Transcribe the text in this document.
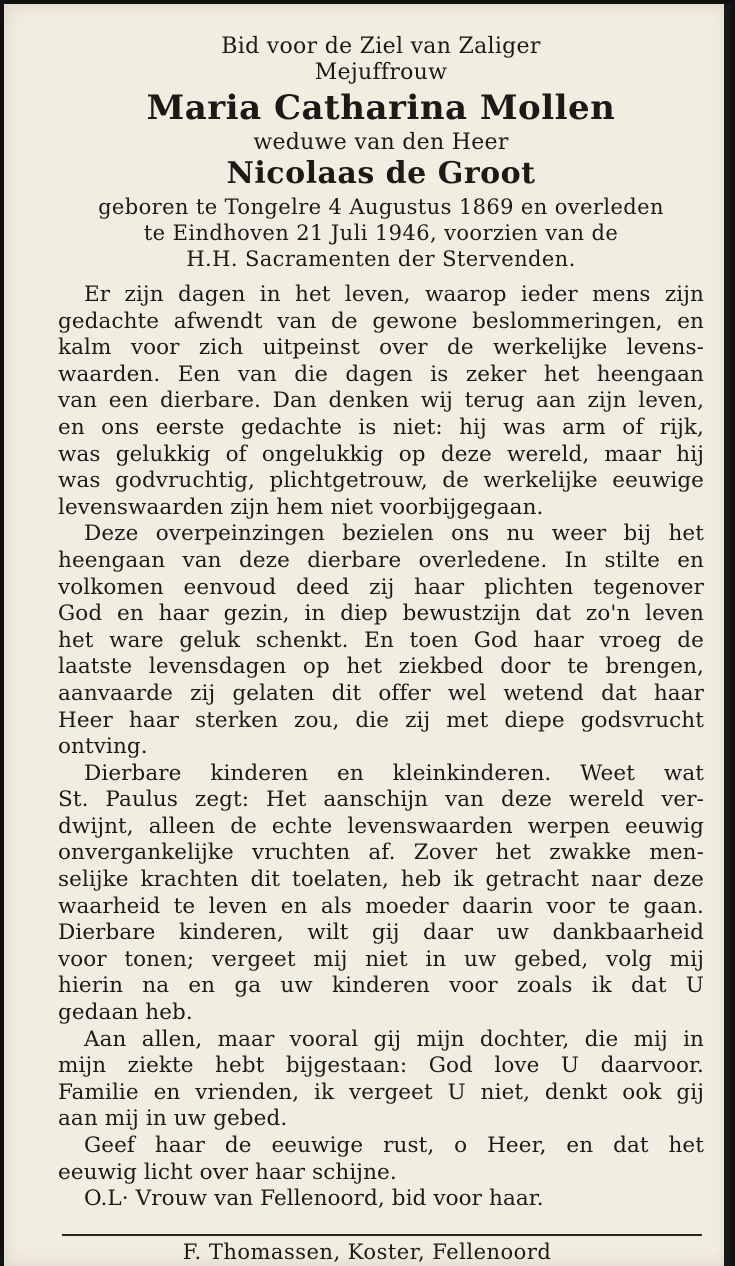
Bid voor de Ziel van Zaliger
Mejuffrouw
Maria Catharina Mollen
weduwe van den Heer
Nicolaas de Groot
geboren te Tongelre 4 Augustus 1869 en overleden
te Eindhoven 21 Juli 1946, voorzien van de
H.H. Sacramenten der Stervenden.
Er zijn dagen in het leven, waarop ieder mens zijn
gedachte afwendt van de gewone beslommeringen, en
kalm voor zich uitpeinst over de werkelijke levens-
waarden. Een van die dagen is zeker het heengaan
van een dierbare. Dan denken wij terug aan zijn leven,
en ons eerste gedachte is niet: hij was arm of rijk,
was gelukkig of ongelukkig op deze wereld, maar hij
was godvruchtig, plichtgetrouw, de werkelijke eeuwige
levenswaarden zijn hem niet voorbijgegaan.
Deze overpeinzingen bezielen ons nu weer bij het
heengaan van deze dierbare overledene. In stilte en
volkomen eenvoud deed zij haar plichten tegenover
God en haar gezin, in diep bewustzijn dat zo'n leven
het ware geluk schenkt. En toen God haar vroeg de
laatste levensdagen op het ziekbed door te brengen,
aanvaarde zij gelaten dit offer wel wetend dat haar
Heer haar sterken zou, die zij met diepe godsvrucht
ontving.
Dierbare kinderen en kleinkinderen. Weet wat
St. Paulus zegt: Het aanschijn van deze wereld ver-
dwijnt, alleen de echte levenswaarden werpen eeuwig
onvergankelijke vruchten af. Zover het zwakke men-
selijke krachten dit toelaten, heb ik getracht naar deze
waarheid te leven en als moeder daarin voor te gaan.
Dierbare kinderen, wilt gij daar uw dankbaarheid
voor tonen; vergeet mij niet in uw gebed, volg mij
hierin na en ga uw kinderen voor zoals ik dat U
gedaan heb.
Aan allen, maar vooral gij mijn dochter, die mij in
mijn ziekte hebt bijgestaan: God love U daarvoor.
Familie en vrienden, ik vergeet U niet, denkt ook gij
aan mij in uw gebed.
Geef haar de eeuwige rust, o Heer, en dat het
eeuwig licht over haar schijne.
O.L· Vrouw van Fellenoord, bid voor haar.
F. Thomassen, Koster, Fellenoord
